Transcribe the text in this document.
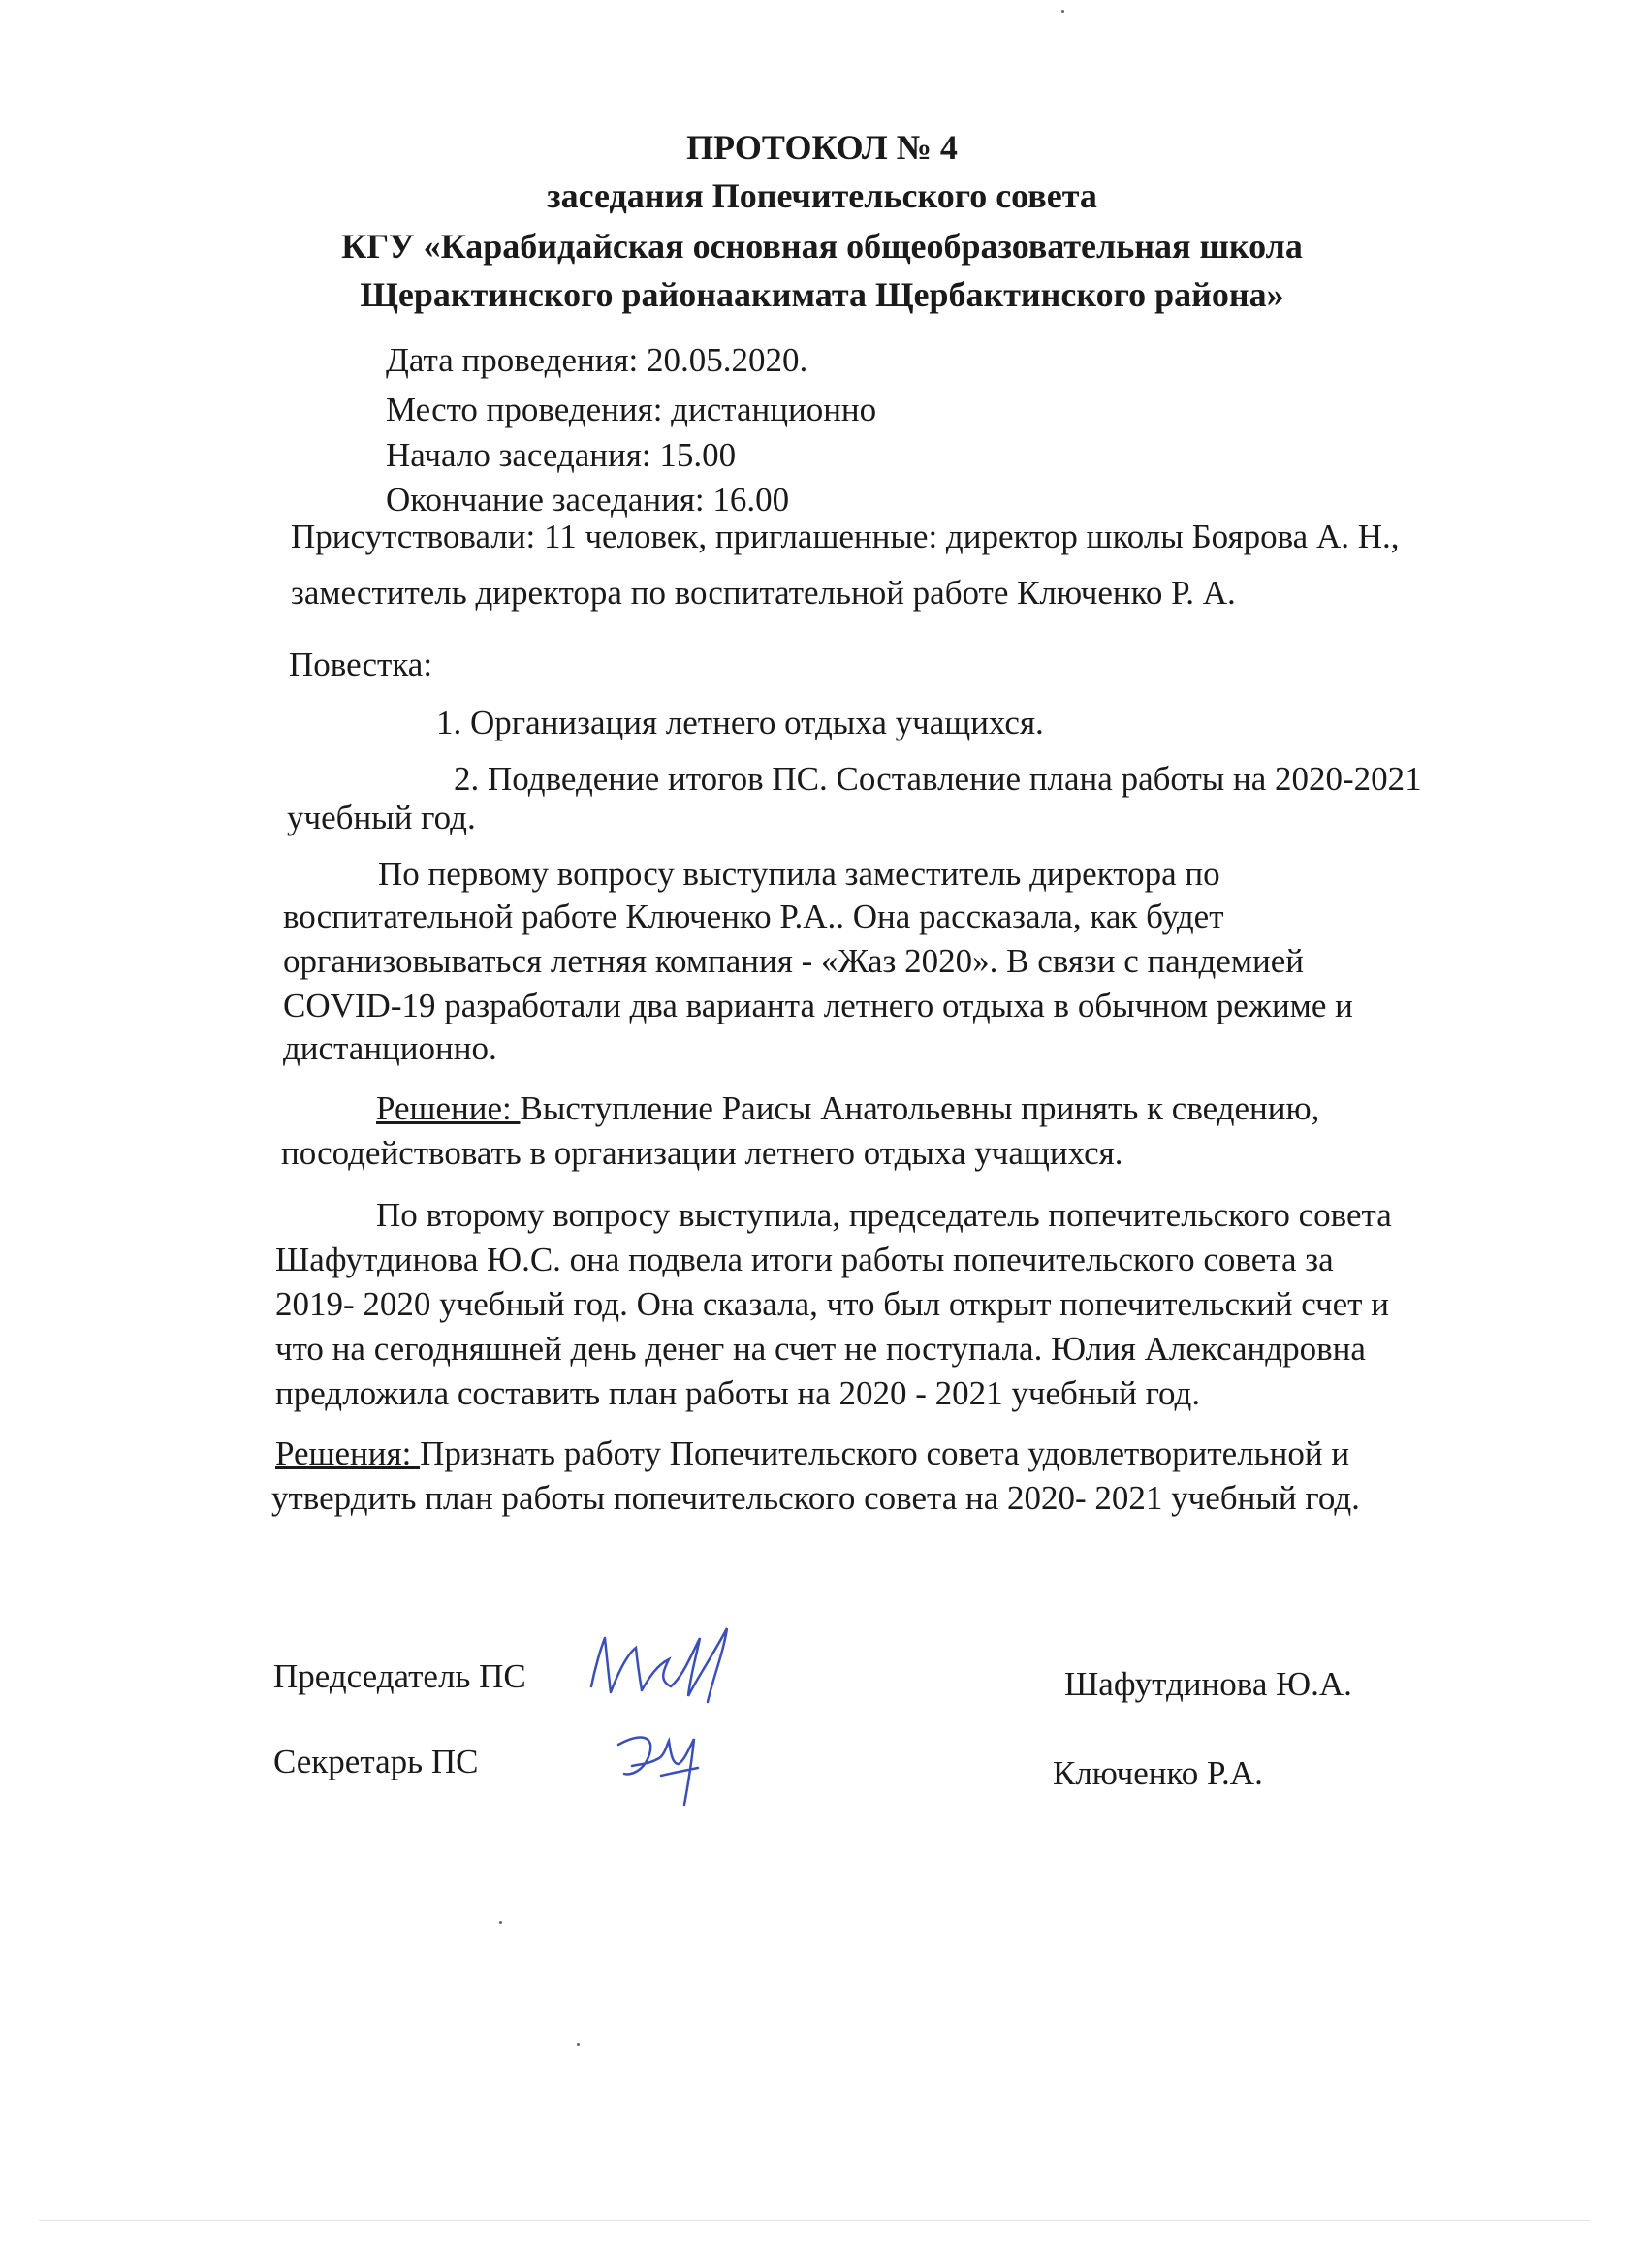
ПРОТОКОЛ № 4
заседания Попечительского совета
КГУ «Карабидайская основная общеобразовательная школа
Щерактинского районаакимата Щербактинского района»
Дата проведения: 20.05.2020.
Место проведения: дистанционно
Начало заседания: 15.00
Окончание заседания: 16.00
Присутствовали: 11 человек, приглашенные: директор школы Боярова А. Н.,
заместитель директора по воспитательной работе Ключенко Р. А.
Повестка:
1. Организация летнего отдыха учащихся.
2. Подведение итогов ПС. Составление плана работы на 2020-2021
учебный год.
По первому вопросу выступила заместитель директора по
воспитательной работе Ключенко Р.А.. Она рассказала, как будет
организовываться летняя компания - «Жаз 2020». В связи с пандемией
COVID-19 разработали два варианта летнего отдыха в обычном режиме и
дистанционно.
Решение: Выступление Раисы Анатольевны принять к сведению,
посодействовать в организации летнего отдыха учащихся.
По второму вопросу выступила, председатель попечительского совета
Шафутдинова Ю.С. она подвела итоги работы попечительского совета за
2019- 2020 учебный год. Она сказала, что был открыт попечительский счет и
что на сегодняшней день денег на счет не поступала. Юлия Александровна
предложила составить план работы на 2020 - 2021 учебный год.
Решения: Признать работу Попечительского совета удовлетворительной и
утвердить план работы попечительского совета на 2020- 2021 учебный год.
Председатель ПС	Шафутдинова Ю.А.
Секретарь ПС	Ключенко Р.А.
